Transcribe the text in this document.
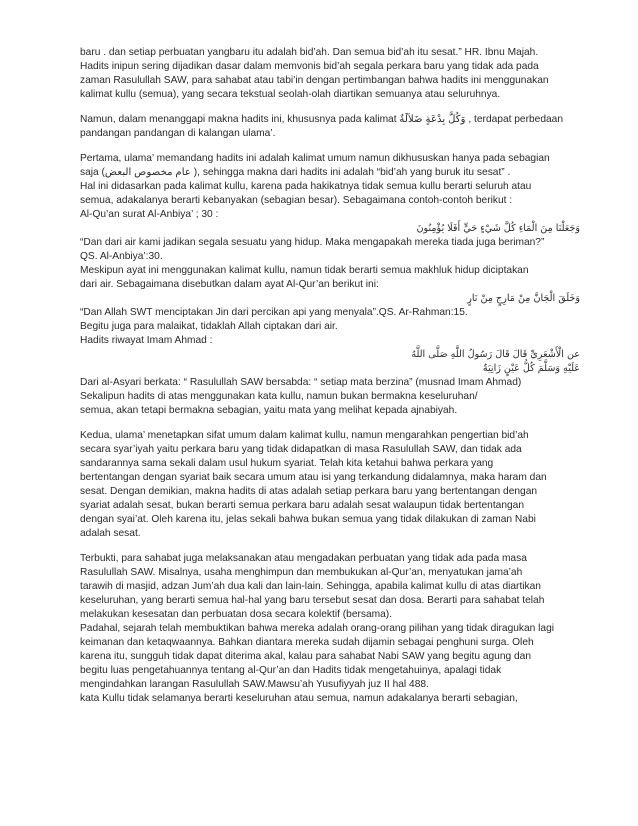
baru . dan setiap perbuatan yangbaru itu adalah bid’ah. Dan semua bid’ah itu sesat.” HR. Ibnu Majah.
Hadits inipun sering dijadikan dasar dalam memvonis bid’ah segala perkara baru yang tidak ada pada
zaman Rasulullah SAW, para sahabat atau tabi’in dengan pertimbangan bahwa hadits ini menggunakan
kalimat kullu (semua), yang secara tekstual seolah-olah diartikan semuanya atau seluruhnya.
Namun, dalam menanggapi makna hadits ini, khususnya pada kalimat وَكُلَّ بِدْعَةٍ ضَلاَلَةٌ , terdapat perbedaan
pandangan pandangan di kalangan ulama’.
Pertama, ulama’ memandang hadits ini adalah kalimat umum namun dikhususkan hanya pada sebagian
saja (عام مخصوص البعض ), sehingga makna dari hadits ini adalah “bid’ah yang buruk itu sesat” .
Hal ini didasarkan pada kalimat kullu, karena pada hakikatnya tidak semua kullu berarti seluruh atau
semua, adakalanya berarti kebanyakan (sebagian besar). Sebagaimana contoh-contoh berikut :
Al-Qu’an surat Al-Anbiya’ ; 30 :
وَجَعَلْنَا مِنَ الْمَاءِ كُلَّ شَيْءٍ حَيٍّ أَفَلَا يُؤْمِنُونَ
“Dan dari air kami jadikan segala sesuatu yang hidup. Maka mengapakah mereka tiada juga beriman?”
QS. Al-Anbiya’:30.
Meskipun ayat ini menggunakan kalimat kullu, namun tidak berarti semua makhluk hidup diciptakan
dari air. Sebagaimana disebutkan dalam ayat Al-Qur’an berikut ini:
وَخَلَقَ الْجَانَّ مِنْ مَارِجٍ مِنْ نَارٍ
“Dan Allah SWT menciptakan Jin dari percikan api yang menyala”.QS. Ar-Rahman:15.
Begitu juga para malaikat, tidaklah Allah ciptakan dari air.
Hadits riwayat Imam Ahmad :
عن الْأَشْعَرِيِّ قَالَ قَالَ رَسُولُ اللَّهِ صَلَّى اللَّهُ
عَلَيْهِ وَسَلَّمَ كُلُّ عَيْنٍ زَانِيَةٌ
Dari al-Asyari berkata: “ Rasulullah SAW bersabda: “ setiap mata berzina” (musnad Imam Ahmad)
Sekalipun hadits di atas menggunakan kata kullu, namun bukan bermakna keseluruhan/
semua, akan tetapi bermakna sebagian, yaitu mata yang melihat kepada ajnabiyah.
Kedua, ulama’ menetapkan sifat umum dalam kalimat kullu, namun mengarahkan pengertian bid’ah
secara syar’iyah yaitu perkara baru yang tidak didapatkan di masa Rasulullah SAW, dan tidak ada
sandarannya sama sekali dalam usul hukum syariat. Telah kita ketahui bahwa perkara yang
bertentangan dengan syariat baik secara umum atau isi yang terkandung didalamnya, maka haram dan
sesat. Dengan demikian, makna hadits di atas adalah setiap perkara baru yang bertentangan dengan
syariat adalah sesat, bukan berarti semua perkara baru adalah sesat walaupun tidak bertentangan
dengan syai’at. Oleh karena itu, jelas sekali bahwa bukan semua yang tidak dilakukan di zaman Nabi
adalah sesat.
Terbukti, para sahabat juga melaksanakan atau mengadakan perbuatan yang tidak ada pada masa
Rasulullah SAW. Misalnya, usaha menghimpun dan membukukan al-Qur’an, menyatukan jama’ah
tarawih di masjid, adzan Jum’ah dua kali dan lain-lain. Sehingga, apabila kalimat kullu di atas diartikan
keseluruhan, yang berarti semua hal-hal yang baru tersebut sesat dan dosa. Berarti para sahabat telah
melakukan kesesatan dan perbuatan dosa secara kolektif (bersama).
Padahal, sejarah telah membuktikan bahwa mereka adalah orang-orang pilihan yang tidak diragukan lagi
keimanan dan ketaqwaannya. Bahkan diantara mereka sudah dijamin sebagai penghuni surga. Oleh
karena itu, sungguh tidak dapat diterima akal, kalau para sahabat Nabi SAW yang begitu agung dan
begitu luas pengetahuannya tentang al-Qur’an dan Hadits tidak mengetahuinya, apalagi tidak
mengindahkan larangan Rasulullah SAW.Mawsu’ah Yusufiyyah juz II hal 488.
kata Kullu tidak selamanya berarti keseluruhan atau semua, namun adakalanya berarti sebagian,
